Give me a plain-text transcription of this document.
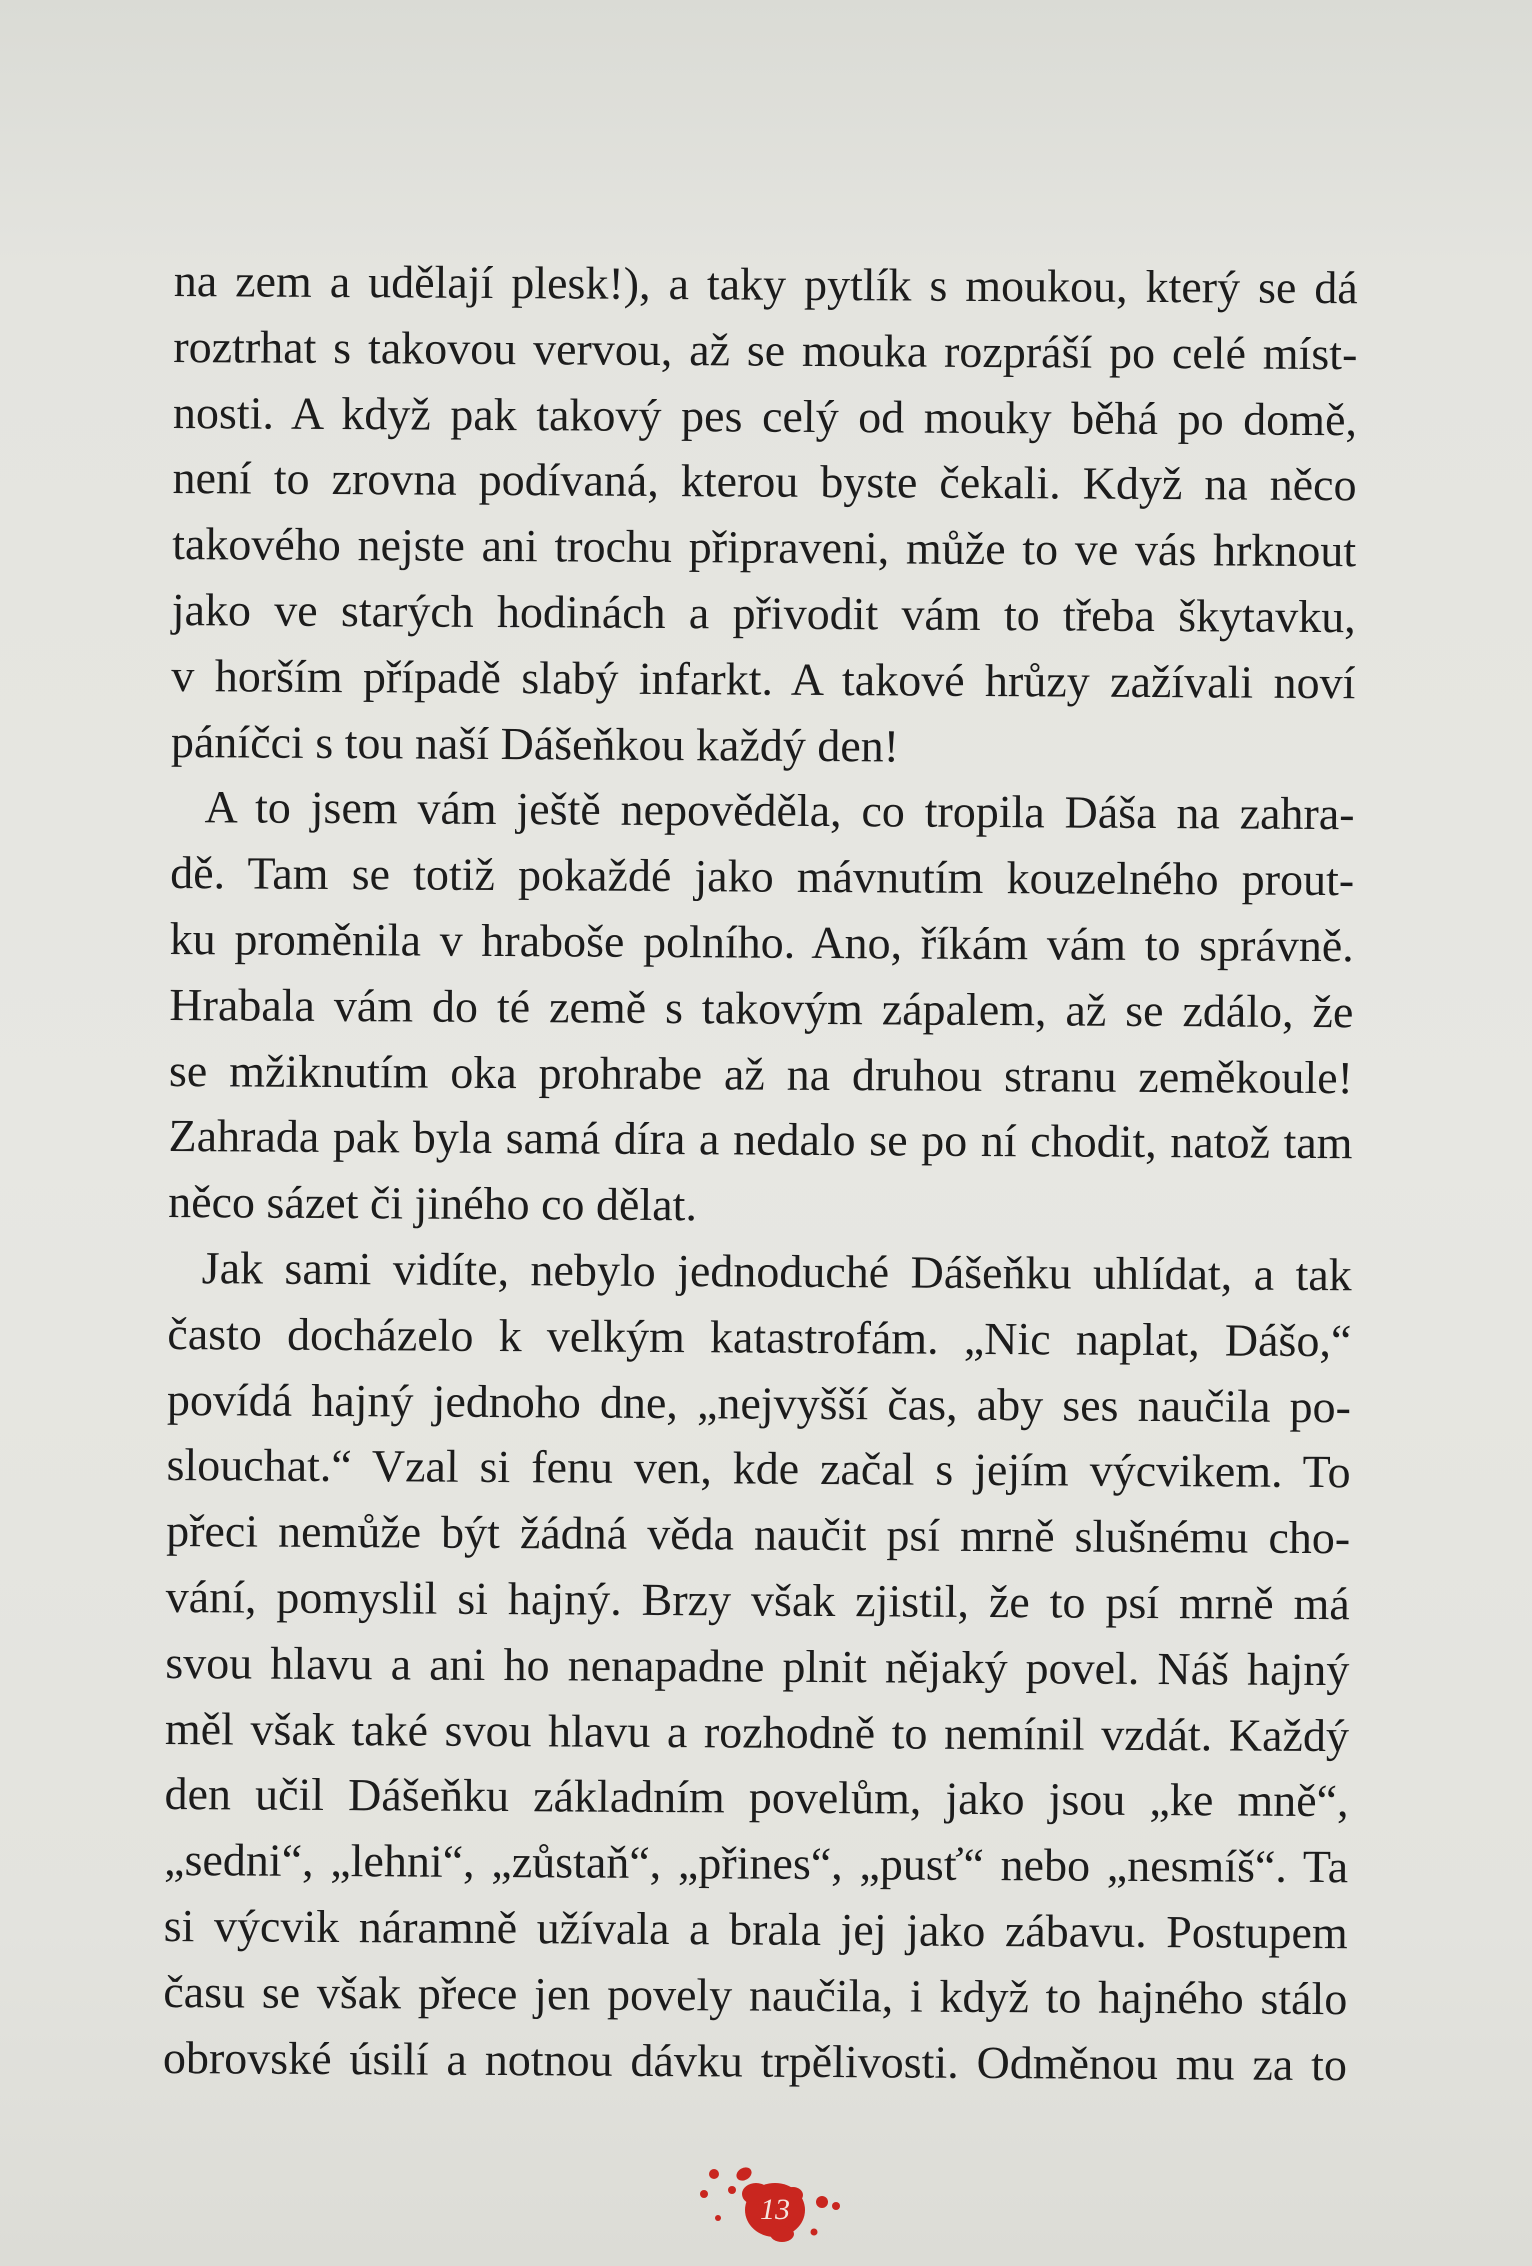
na zem a udělají plesk!), a taky pytlík s moukou, který se dá
roztrhat s takovou vervou, až se mouka rozpráší po celé míst-
nosti. A když pak takový pes celý od mouky běhá po domě,
není to zrovna podívaná, kterou byste čekali. Když na něco
takového nejste ani trochu připraveni, může to ve vás hrknout
jako ve starých hodinách a přivodit vám to třeba škytavku,
v horším případě slabý infarkt. A takové hrůzy zažívali noví
páníčci s tou naší Dášeňkou každý den!
A to jsem vám ještě nepověděla, co tropila Dáša na zahra-
dě. Tam se totiž pokaždé jako mávnutím kouzelného prout-
ku proměnila v hraboše polního. Ano, říkám vám to správně.
Hrabala vám do té země s takovým zápalem, až se zdálo, že
se mžiknutím oka prohrabe až na druhou stranu zeměkoule!
Zahrada pak byla samá díra a nedalo se po ní chodit, natož tam
něco sázet či jiného co dělat.
Jak sami vidíte, nebylo jednoduché Dášeňku uhlídat, a tak
často docházelo k velkým katastrofám. „Nic naplat, Dášo,“
povídá hajný jednoho dne, „nejvyšší čas, aby ses naučila po-
slouchat.“ Vzal si fenu ven, kde začal s jejím výcvikem. To
přeci nemůže být žádná věda naučit psí mrně slušnému cho-
vání, pomyslil si hajný. Brzy však zjistil, že to psí mrně má
svou hlavu a ani ho nenapadne plnit nějaký povel. Náš hajný
měl však také svou hlavu a rozhodně to nemínil vzdát. Každý
den učil Dášeňku základním povelům, jako jsou „ke mně“,
„sedni“, „lehni“, „zůstaň“, „přines“, „pusť“ nebo „nesmíš“. Ta
si výcvik náramně užívala a brala jej jako zábavu. Postupem
času se však přece jen povely naučila, i když to hajného stálo
obrovské úsilí a notnou dávku trpělivosti. Odměnou mu za to
13
